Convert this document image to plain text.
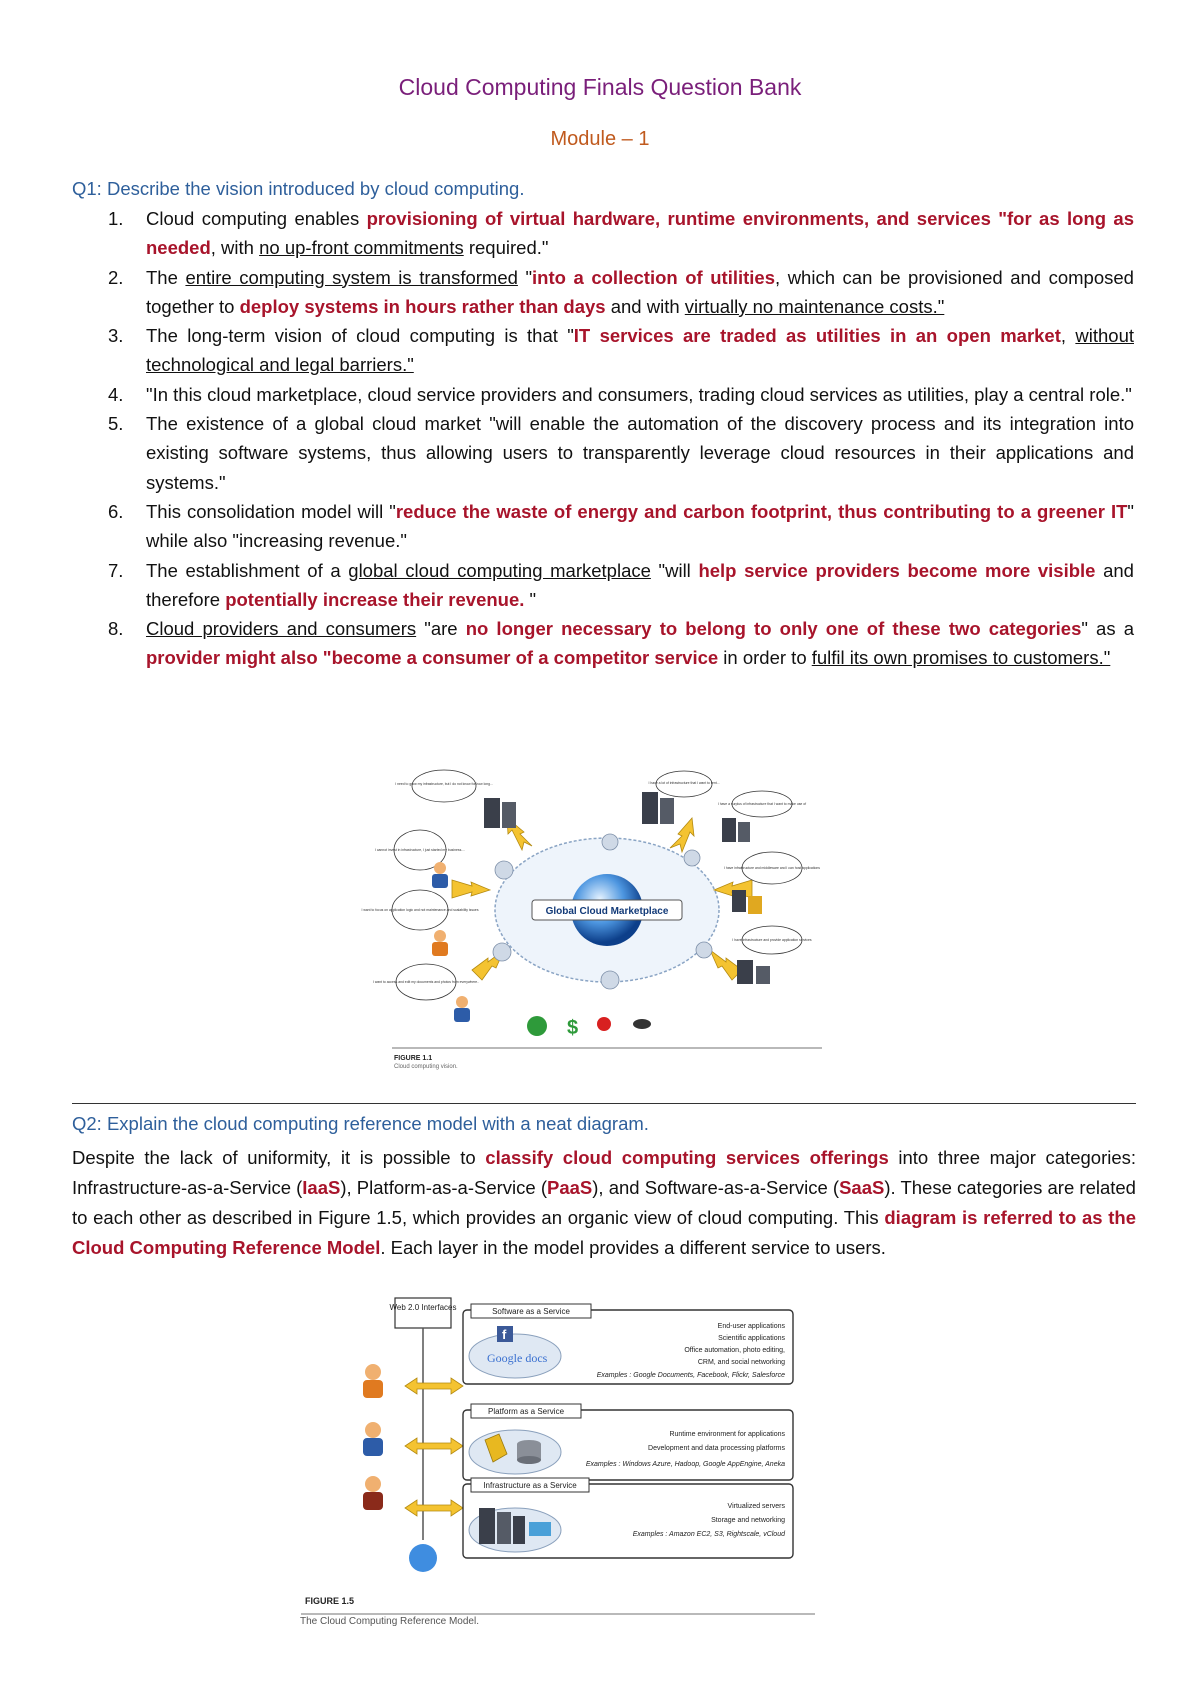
Cloud Computing Finals Question Bank
Module – 1
Q1: Describe the vision introduced by cloud computing.
1. Cloud computing enables provisioning of virtual hardware, runtime environments, and services "for as long as needed, with no up-front commitments required."
2. The entire computing system is transformed "into a collection of utilities, which can be provisioned and composed together to deploy systems in hours rather than days and with virtually no maintenance costs."
3. The long-term vision of cloud computing is that "IT services are traded as utilities in an open market, without technological and legal barriers."
4. "In this cloud marketplace, cloud service providers and consumers, trading cloud services as utilities, play a central role."
5. The existence of a global cloud market "will enable the automation of the discovery process and its integration into existing software systems, thus allowing users to transparently leverage cloud resources in their applications and systems."
6. This consolidation model will "reduce the waste of energy and carbon footprint, thus contributing to a greener IT" while also "increasing revenue."
7. The establishment of a global cloud computing marketplace "will help service providers become more visible and therefore potentially increase their revenue. "
8. Cloud providers and consumers "are no longer necessary to belong to only one of these two categories" as a provider might also "become a consumer of a competitor service in order to fulfil its own promises to customers."
Global Cloud Marketplace
I need to grow my infrastructure, but I do not know for how long...	I have a lot of infrastructure that I want to rent...
I have a surplus of infrastructure that I want to make use of
I cannot invest in infrastructure, I just started my business....
I have infrastructure and middleware and I can host applications
I want to focus on application logic and not maintenance and scalability issues
I have infrastructure and provide application services
I want to access and edit my documents and photos from everywhere..
$
FIGURE 1.1
Cloud computing vision.
Q2: Explain the cloud computing reference model with a neat diagram.
Despite the lack of uniformity, it is possible to classify cloud computing services offerings into three major categories: Infrastructure-as-a-Service (IaaS), Platform-as-a-Service (PaaS), and Software-as-a-Service (SaaS). These categories are related to each other as described in Figure 1.5, which provides an organic view of cloud computing. This diagram is referred to as the Cloud Computing Reference Model. Each layer in the model provides a different service to users.
Web 2.0 Interfaces	Software as a Service
f
Google docs
End-user applications
Scientific applications
Office automation, photo editing,
CRM, and social networking
Examples : Google Documents, Facebook, Flickr, Salesforce
Platform as a Service
Runtime environment for applications
Development and data processing platforms
Examples : Windows Azure, Hadoop, Google AppEngine, Aneka
Infrastructure as a Service
Virtualized servers
Storage and networking
Examples : Amazon EC2, S3, Rightscale, vCloud
FIGURE 1.5
The Cloud Computing Reference Model.
